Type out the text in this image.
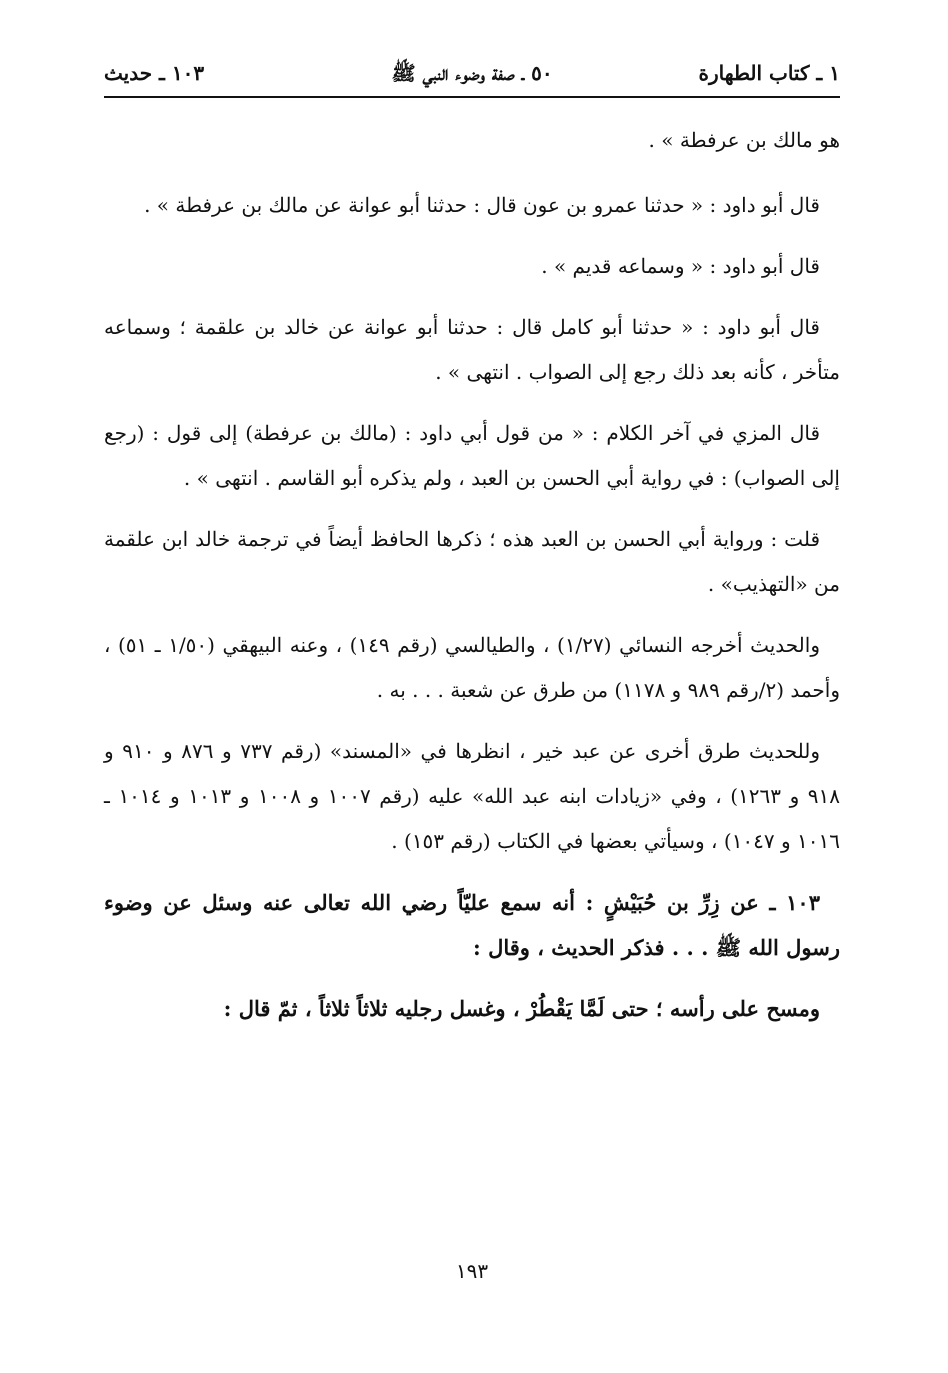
١ ـ كتاب الطهارة
٥٠ ـ صفة وضوء النبي ﷺ
١٠٣ ـ حديث

هو مالك بن عرفطة » .

قال أبو داود : « حدثنا عمرو بن عون قال : حدثنا أبو عوانة عن مالك بن عرفطة » .

قال أبو داود : « وسماعه قديم » .

قال أبو داود : « حدثنا أبو كامل قال : حدثنا أبو عوانة عن خالد بن علقمة ؛ وسماعه متأخر ، كأنه بعد ذلك رجع إلى الصواب . انتهى » .

قال المزي في آخر الكلام : « من قول أبي داود : (مالك بن عرفطة) إلى قول : (رجع إلى الصواب) : في رواية أبي الحسن بن العبد ، ولم يذكره أبو القاسم . انتهى » .

قلت : ورواية أبي الحسن بن العبد هذه ؛ ذكرها الحافظ أيضاً في ترجمة خالد ابن علقمة من «التهذيب» .

والحديث أخرجه النسائي (١/٢٧) ، والطيالسي (رقم ١٤٩) ، وعنه البيهقي (١/٥٠ ـ ٥١) ، وأحمد (٢/رقم ٩٨٩ و ١١٧٨) من طرق عن شعبة . . . به .

وللحديث طرق أخرى عن عبد خير ، انظرها في «المسند» (رقم ٧٣٧ و ٨٧٦ و ٩١٠ و ٩١٨ و ١٢٦٣) ، وفي «زيادات ابنه عبد الله» عليه (رقم ١٠٠٧ و ١٠٠٨ و ١٠١٣ و ١٠١٤ ـ ١٠١٦ و ١٠٤٧) ، وسيأتي بعضها في الكتاب (رقم ١٥٣) .

١٠٣ ـ عن زِرِّ بن حُبَيْشٍ : أنه سمع عليّاً رضي الله تعالى عنه وسئل عن وضوء رسول الله ﷺ . . . فذكر الحديث ، وقال :

ومسح على رأسه ؛ حتى لَمَّا يَقْطُرْ ، وغسل رجليه ثلاثاً ثلاثاً ، ثمّ قال :

١٩٣
